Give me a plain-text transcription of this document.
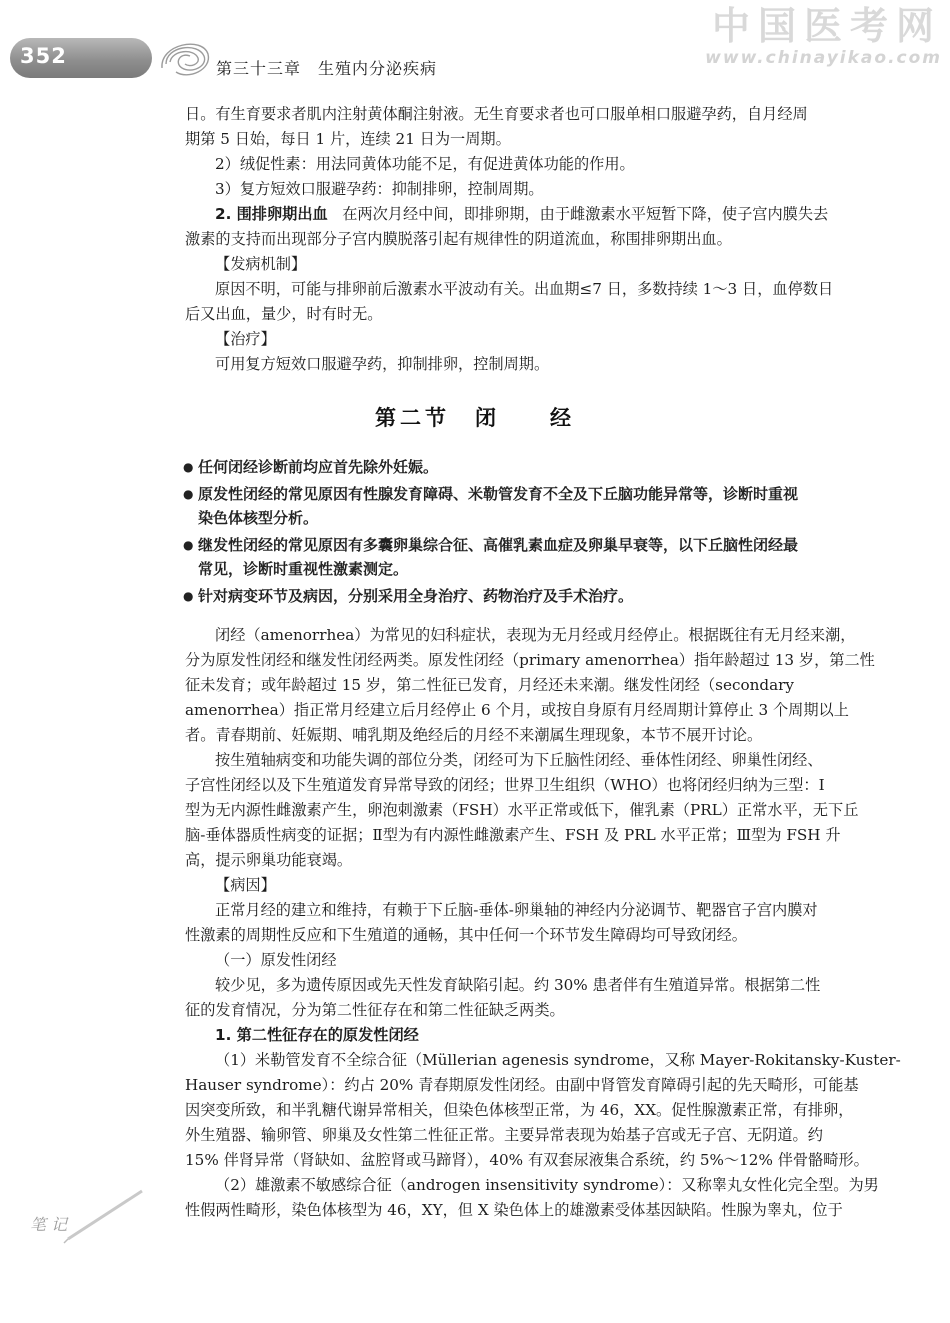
352
第三十三章　生殖内分泌疾病
中国医考网
www.chinayikao.com
日。有生育要求者肌内注射黄体酮注射液。无生育要求者也可口服单相口服避孕药，自月经周
期第 5 日始，每日 1 片，连续 21 日为一周期。
2）绒促性素：用法同黄体功能不足，有促进黄体功能的作用。
3）复方短效口服避孕药：抑制排卵，控制周期。
2. 围排卵期出血 在两次月经中间，即排卵期，由于雌激素水平短暂下降，使子宫内膜失去
激素的支持而出现部分子宫内膜脱落引起有规律性的阴道流血，称围排卵期出血。
【发病机制】
原因不明，可能与排卵前后激素水平波动有关。出血期≤7 日，多数持续 1～3 日，血停数日
后又出血，量少，时有时无。
【治疗】
可用复方短效口服避孕药，抑制排卵，控制周期。
第二节　闭　　经
● 任何闭经诊断前均应首先除外妊娠。
● 原发性闭经的常见原因有性腺发育障碍、米勒管发育不全及下丘脑功能异常等，诊断时重视
染色体核型分析。
● 继发性闭经的常见原因有多囊卵巢综合征、高催乳素血症及卵巢早衰等，以下丘脑性闭经最
常见，诊断时重视性激素测定。
● 针对病变环节及病因，分别采用全身治疗、药物治疗及手术治疗。
闭经（amenorrhea）为常见的妇科症状，表现为无月经或月经停止。根据既往有无月经来潮，
分为原发性闭经和继发性闭经两类。原发性闭经（primary amenorrhea）指年龄超过 13 岁，第二性
征未发育；或年龄超过 15 岁，第二性征已发育，月经还未来潮。继发性闭经（secondary
amenorrhea）指正常月经建立后月经停止 6 个月，或按自身原有月经周期计算停止 3 个周期以上
者。青春期前、妊娠期、哺乳期及绝经后的月经不来潮属生理现象，本节不展开讨论。
按生殖轴病变和功能失调的部位分类，闭经可为下丘脑性闭经、垂体性闭经、卵巢性闭经、
子宫性闭经以及下生殖道发育异常导致的闭经；世界卫生组织（WHO）也将闭经归纳为三型：Ⅰ
型为无内源性雌激素产生，卵泡刺激素（FSH）水平正常或低下，催乳素（PRL）正常水平，无下丘
脑-垂体器质性病变的证据；Ⅱ型为有内源性雌激素产生、FSH 及 PRL 水平正常；Ⅲ型为 FSH 升
高，提示卵巢功能衰竭。
【病因】
正常月经的建立和维持，有赖于下丘脑-垂体-卵巢轴的神经内分泌调节、靶器官子宫内膜对
性激素的周期性反应和下生殖道的通畅，其中任何一个环节发生障碍均可导致闭经。
（一）原发性闭经
较少见，多为遗传原因或先天性发育缺陷引起。约 30% 患者伴有生殖道异常。根据第二性
征的发育情况，分为第二性征存在和第二性征缺乏两类。
1. 第二性征存在的原发性闭经
（1）米勒管发育不全综合征（Müllerian agenesis syndrome，又称 Mayer-Rokitansky-Kuster-
Hauser syndrome）：约占 20% 青春期原发性闭经。由副中肾管发育障碍引起的先天畸形，可能基
因突变所致，和半乳糖代谢异常相关，但染色体核型正常，为 46，XX。促性腺激素正常，有排卵，
外生殖器、输卵管、卵巢及女性第二性征正常。主要异常表现为始基子宫或无子宫、无阴道。约
15% 伴肾异常（肾缺如、盆腔肾或马蹄肾），40% 有双套尿液集合系统，约 5%～12% 伴骨骼畸形。
（2）雄激素不敏感综合征（androgen insensitivity syndrome）：又称睾丸女性化完全型。为男
性假两性畸形，染色体核型为 46，XY，但 X 染色体上的雄激素受体基因缺陷。性腺为睾丸，位于
笔 记
